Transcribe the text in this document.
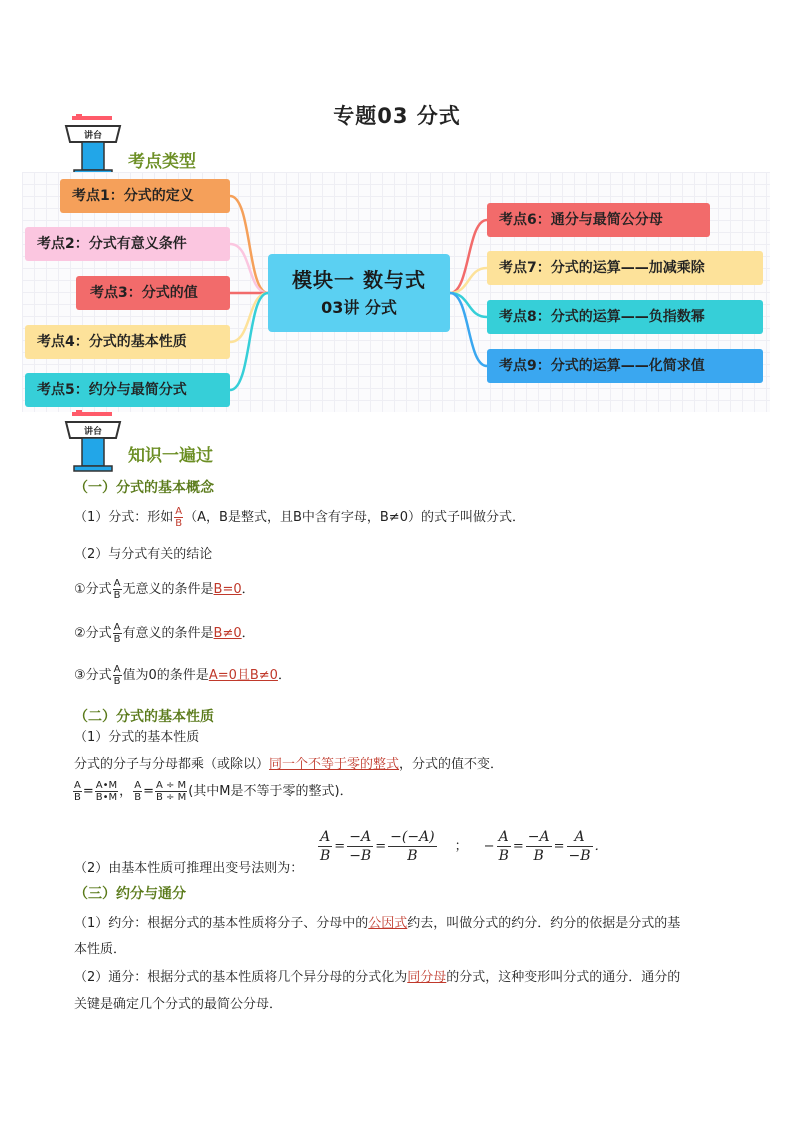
专题03 分式
讲台
考点类型
考点1：分式的定义
考点2：分式有意义条件
考点3：分式的值
考点4：分式的基本性质
考点5：约分与最简分式
模块一 数与式
03讲 分式
考点6：通分与最简公分母
考点7：分式的运算——加减乘除
考点8：分式的运算——负指数幂
考点9：分式的运算——化简求值
讲台
知识一遍过
（一）分式的基本概念
（1）分式：形如 $\frac{A}{B} (A$，B是整式，且B中含有字母，B≠0）的式子叫做分式．
（2）与分式有关的结论
①分式 $\frac{A}{B}$ 无意义的条件是B=0．
②分式 $\frac{A}{B}$ 有意义的条件是B≠0．
③分式 $\frac{A}{B}$ 值为0的条件是A=0且B≠0．
（二）分式的基本性质
（1）分式的基本性质
分式的分子与分母都乘（或除以）同一个不等于零的整式，分式的值不变．
$\frac{A}{B} = \frac{A•M}{B•M}$ ， $\frac{A}{B} = \frac{A \div M}{B \div M}$ (其中M是不等于零的整式)．
（2）由基本性质可推理出变号法则为：
$\frac{A}{B} = \frac{-A}{-B} = \frac{-(-A)}{B}$ ； − $\frac{A}{B} = \frac{-A}{B} = \frac{A}{-B}$ ．
（三）约分与通分
（1）约分：根据分式的基本性质将分子、分母中的公因式约去，叫做分式的约分．约分的依据是分式的基
本性质．
（2）通分：根据分式的基本性质将几个异分母的分式化为同分母的分式，这种变形叫分式的通分．通分的
关键是确定几个分式的最简公分母．
